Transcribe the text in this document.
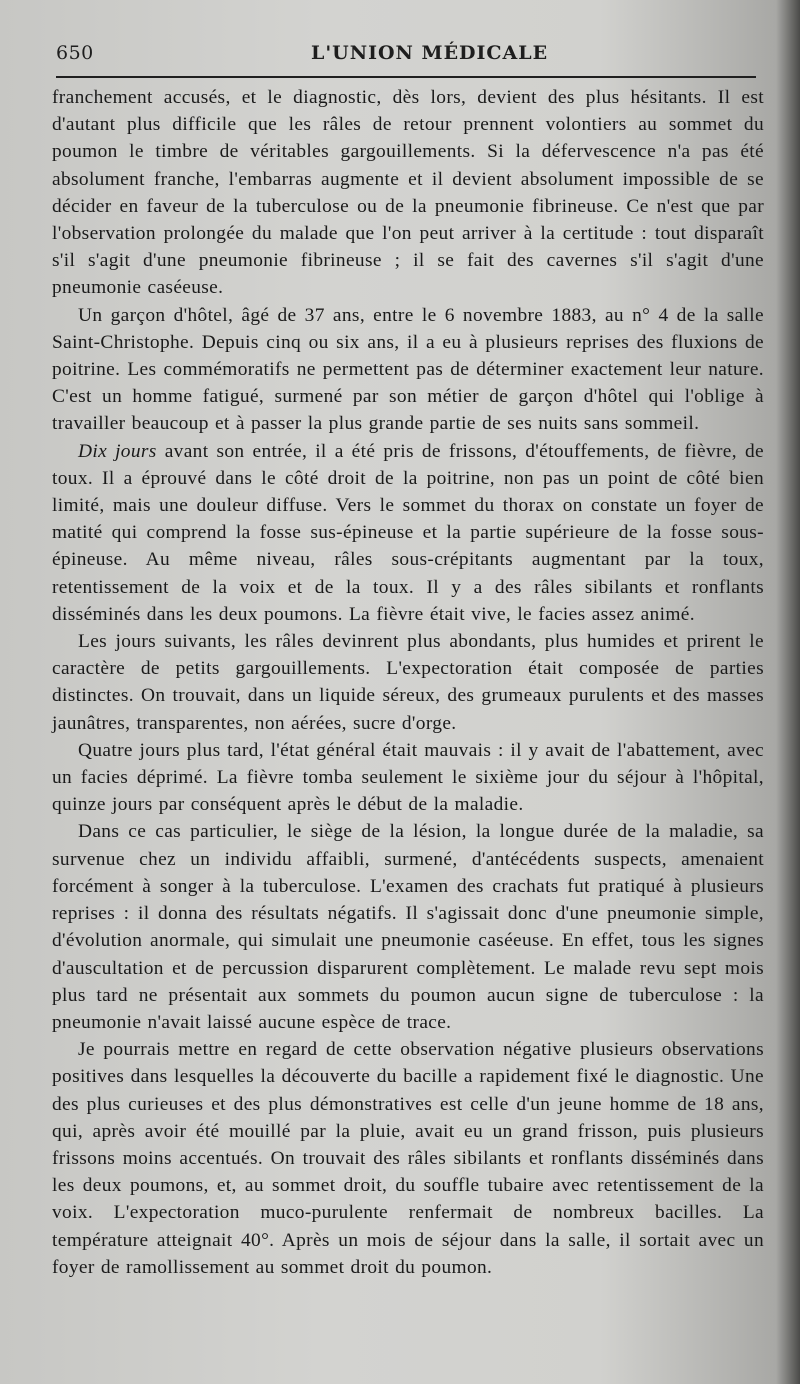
650	L'UNION MÉDICALE

franchement accusés, et le diagnostic, dès lors, devient des plus hésitants. Il est d'autant plus difficile que les râles de retour prennent volontiers au sommet du poumon le timbre de véritables gargouillements. Si la défervescence n'a pas été absolument franche, l'embarras augmente et il devient absolument impossible de se décider en faveur de la tuberculose ou de la pneumonie fibrineuse. Ce n'est que par l'observation prolongée du malade que l'on peut arriver à la certitude : tout disparaît s'il s'agit d'une pneumonie fibrineuse ; il se fait des cavernes s'il s'agit d'une pneumonie caséeuse.

Un garçon d'hôtel, âgé de 37 ans, entre le 6 novembre 1883, au n° 4 de la salle Saint-Christophe. Depuis cinq ou six ans, il a eu à plusieurs reprises des fluxions de poitrine. Les commémoratifs ne permettent pas de déterminer exactement leur nature. C'est un homme fatigué, surmené par son métier de garçon d'hôtel qui l'oblige à travailler beaucoup et à passer la plus grande partie de ses nuits sans sommeil.

Dix jours avant son entrée, il a été pris de frissons, d'étouffements, de fièvre, de toux. Il a éprouvé dans le côté droit de la poitrine, non pas un point de côté bien limité, mais une douleur diffuse. Vers le sommet du thorax on constate un foyer de matité qui comprend la fosse sus-épineuse et la partie supérieure de la fosse sous-épineuse. Au même niveau, râles sous-crépitants augmentant par la toux, retentissement de la voix et de la toux. Il y a des râles sibilants et ronflants disséminés dans les deux poumons. La fièvre était vive, le facies assez animé.

Les jours suivants, les râles devinrent plus abondants, plus humides et prirent le caractère de petits gargouillements. L'expectoration était composée de parties distinctes. On trouvait, dans un liquide séreux, des grumeaux purulents et des masses jaunâtres, transparentes, non aérées, sucre d'orge.

Quatre jours plus tard, l'état général était mauvais : il y avait de l'abattement, avec un facies déprimé. La fièvre tomba seulement le sixième jour du séjour à l'hôpital, quinze jours par conséquent après le début de la maladie.

Dans ce cas particulier, le siège de la lésion, la longue durée de la maladie, sa survenue chez un individu affaibli, surmené, d'antécédents suspects, amenaient forcément à songer à la tuberculose. L'examen des crachats fut pratiqué à plusieurs reprises : il donna des résultats négatifs. Il s'agissait donc d'une pneumonie simple, d'évolution anormale, qui simulait une pneumonie caséeuse. En effet, tous les signes d'auscultation et de percussion disparurent complètement. Le malade revu sept mois plus tard ne présentait aux sommets du poumon aucun signe de tuberculose : la pneumonie n'avait laissé aucune espèce de trace.

Je pourrais mettre en regard de cette observation négative plusieurs observations positives dans lesquelles la découverte du bacille a rapidement fixé le diagnostic. Une des plus curieuses et des plus démonstratives est celle d'un jeune homme de 18 ans, qui, après avoir été mouillé par la pluie, avait eu un grand frisson, puis plusieurs frissons moins accentués. On trouvait des râles sibilants et ronflants disséminés dans les deux poumons, et, au sommet droit, du souffle tubaire avec retentissement de la voix. L'expectoration muco-purulente renfermait de nombreux bacilles. La température atteignait 40°. Après un mois de séjour dans la salle, il sortait avec un foyer de ramollissement au sommet droit du poumon.
